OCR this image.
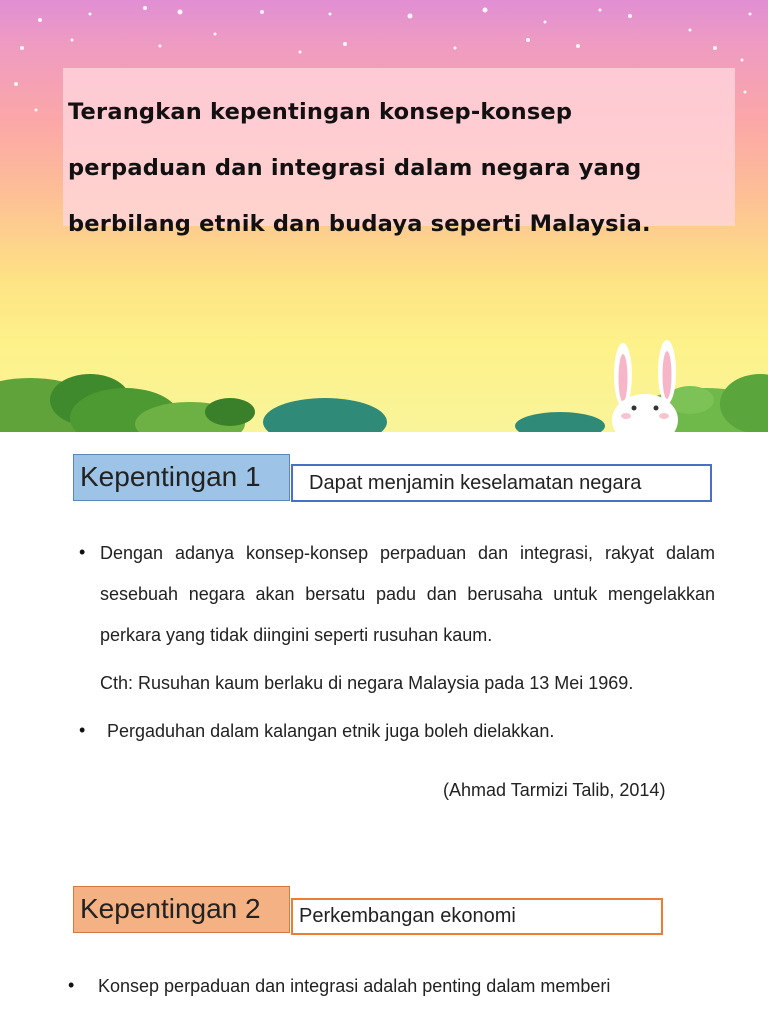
Terangkan kepentingan konsep-konsep
perpaduan dan integrasi dalam negara yang
berbilang etnik dan budaya seperti Malaysia.
Kepentingan 1	Dapat menjamin keselamatan negara
• Dengan adanya konsep-konsep perpaduan dan integrasi, rakyat dalam sesebuah negara akan bersatu padu dan berusaha untuk mengelakkan perkara yang tidak diingini seperti rusuhan kaum.

Cth: Rusuhan kaum berlaku di negara Malaysia pada 13 Mei 1969.
• Pergaduhan dalam kalangan etnik juga boleh dielakkan.
(Ahmad Tarmizi Talib, 2014)
Kepentingan 2	Perkembangan ekonomi
• Konsep perpaduan dan integrasi adalah penting dalam memberi
